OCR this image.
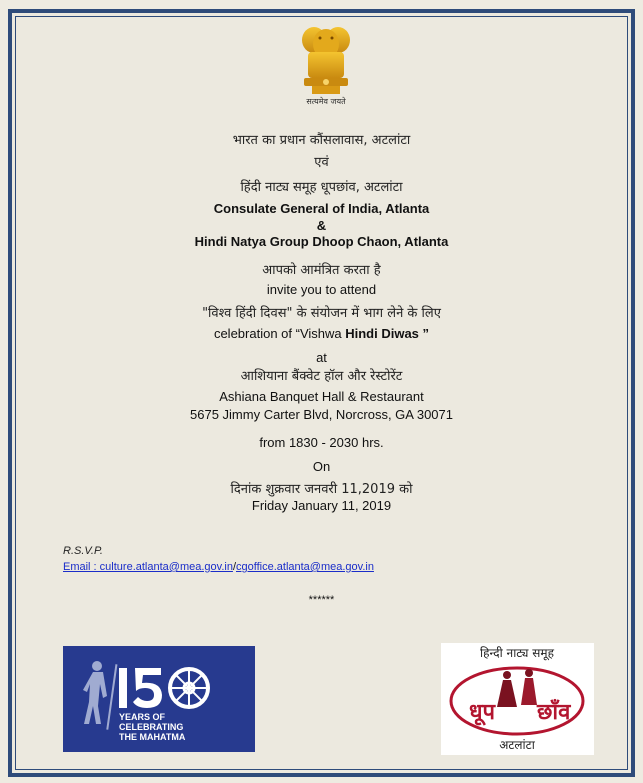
सत्यमेव जयते
भारत का प्रधान कौंसलावास, अटलांटा
एवं
हिंदी नाट्य समूह धूपछांव, अटलांटा
Consulate General of India, Atlanta
&
Hindi Natya Group Dhoop Chaon, Atlanta
आपको आमंत्रित करता है
invite you to attend
"विश्व हिंदी दिवस" के संयोजन में भाग लेने के लिए
celebration of “Vishwa Hindi Diwas ”
at
आशियाना बैंक्वेट हॉल और रेस्टोरेंट
Ashiana Banquet Hall & Restaurant
5675 Jimmy Carter Blvd, Norcross, GA 30071
from 1830 - 2030 hrs.
On
दिनांक शुक्रवार जनवरी 11,2019 को
Friday January 11, 2019
R.S.V.P.
Email : culture.atlanta@mea.gov.in/cgoffice.atlanta@mea.gov.in
******
YEARS OF
CELEBRATING
THE MAHATMA
हिन्दी नाट्य समूह
धूप छाँव
अटलांटा
